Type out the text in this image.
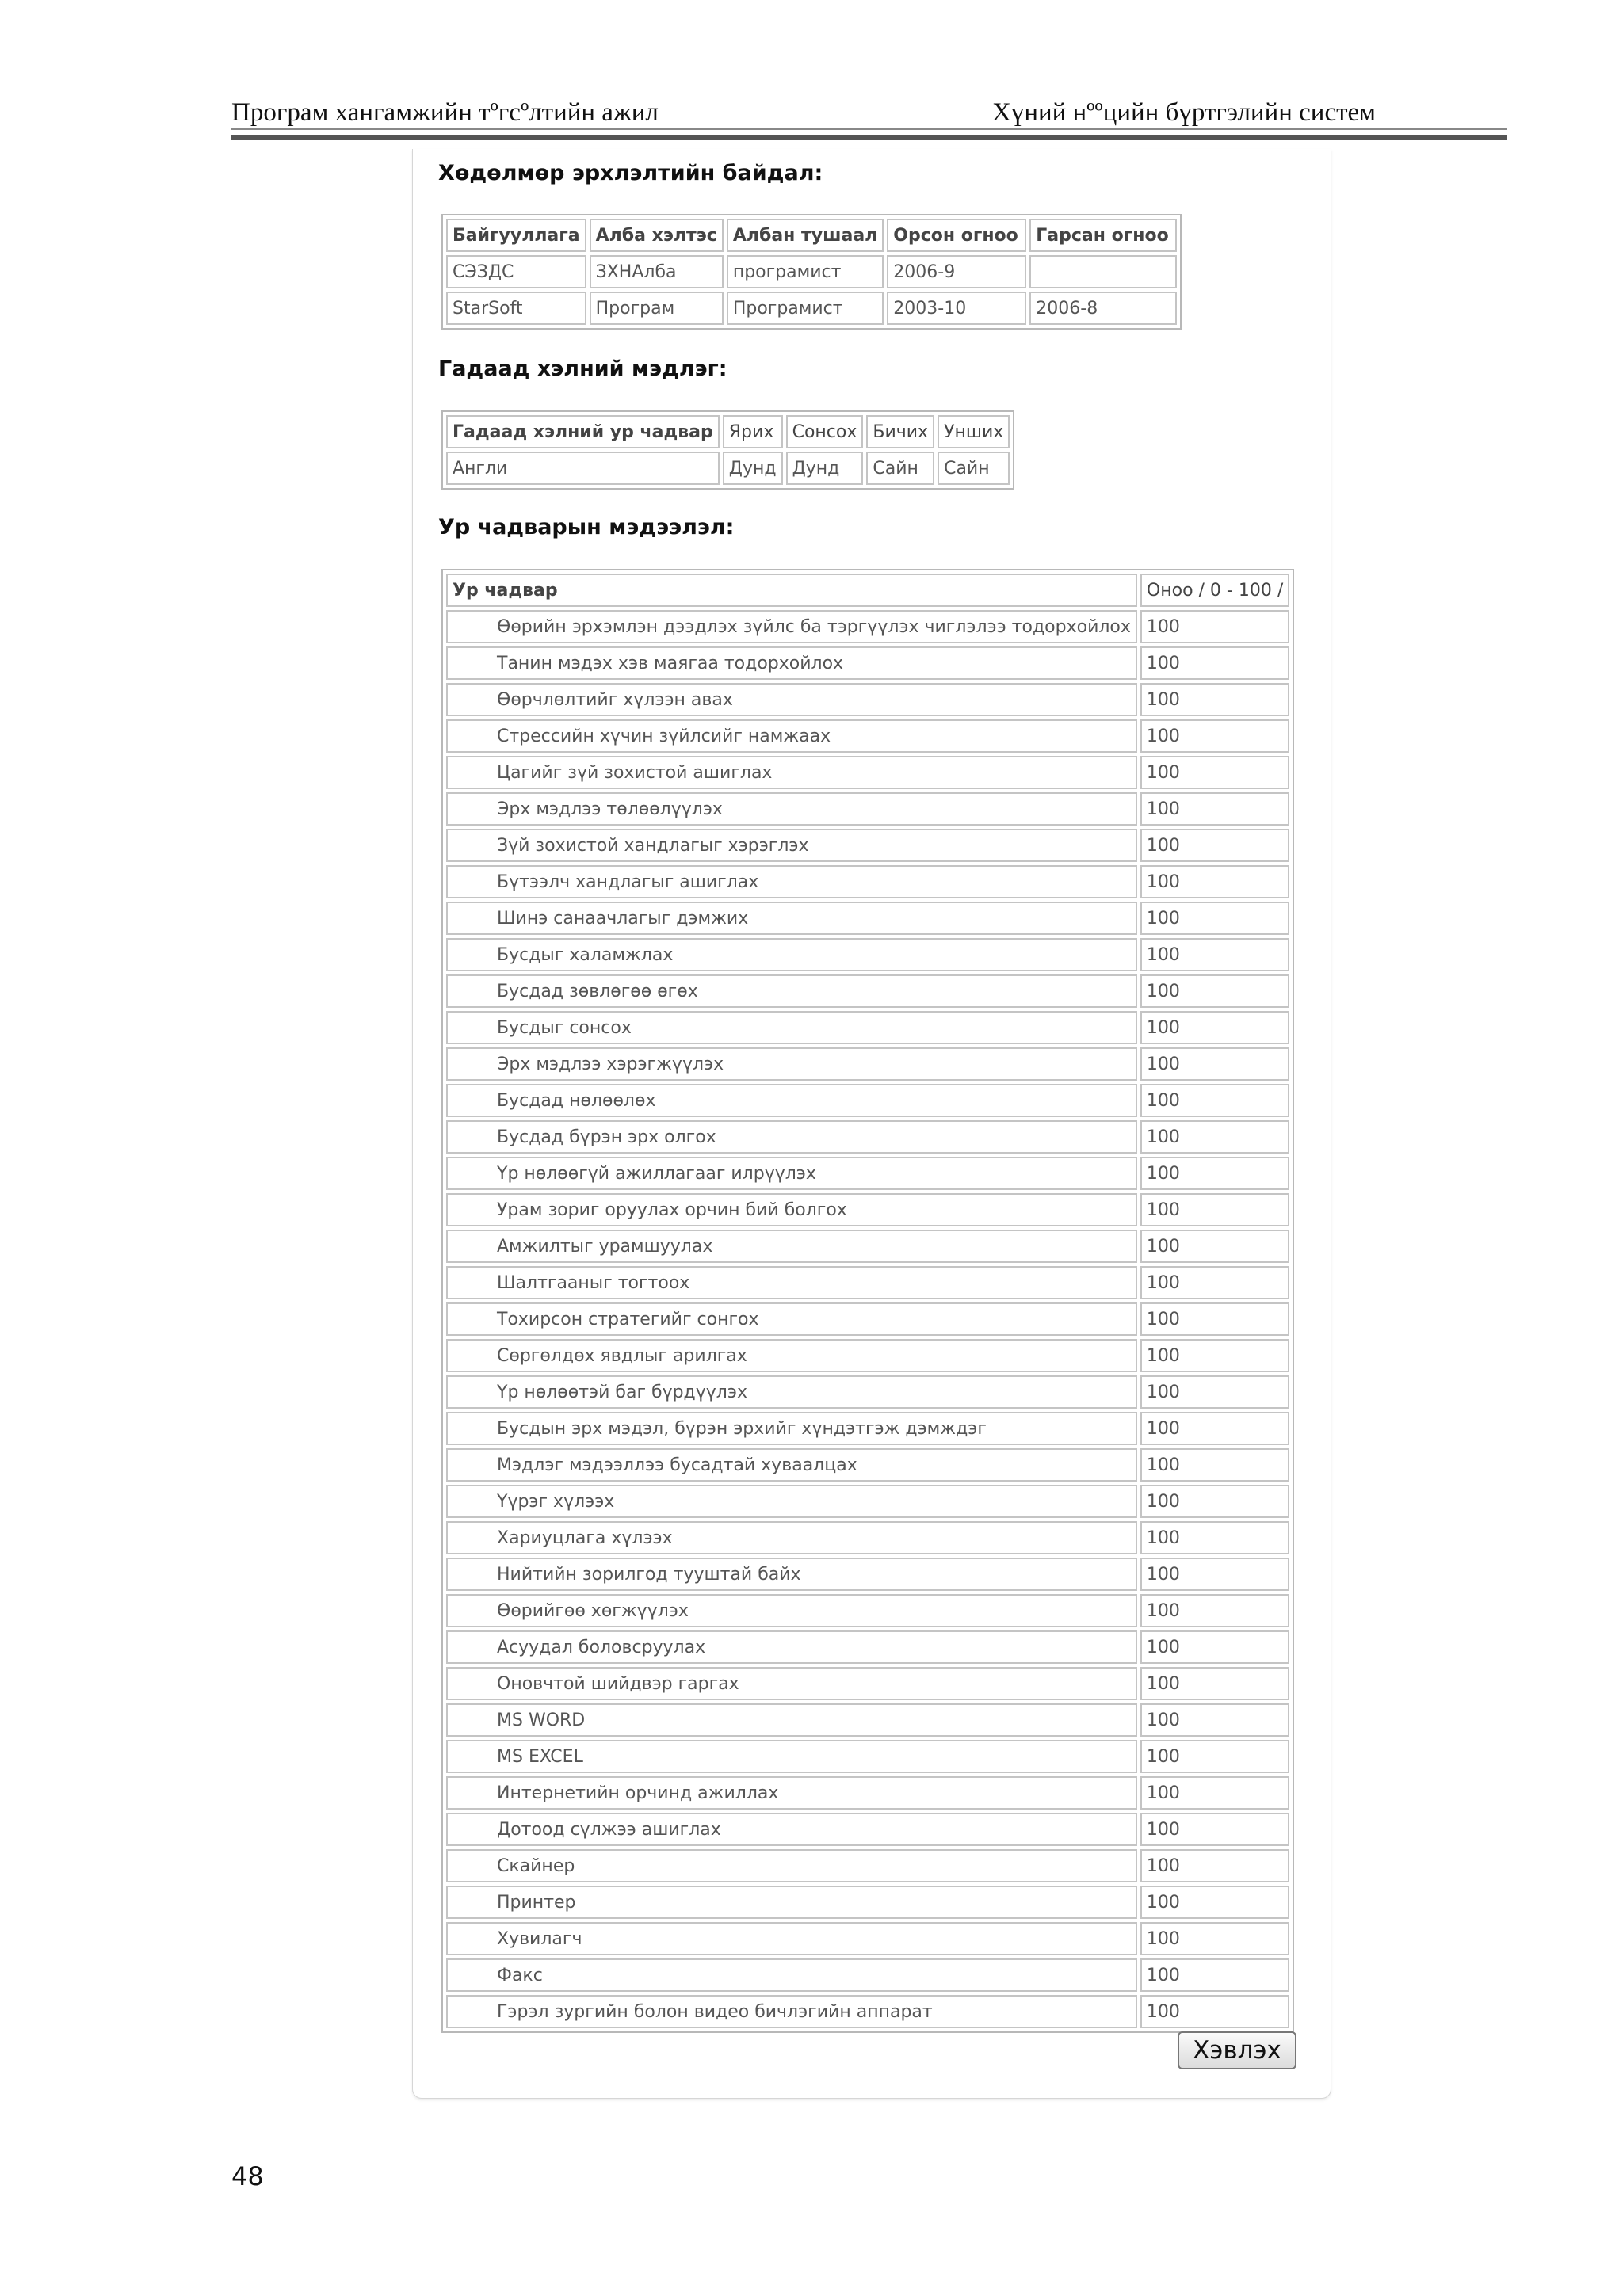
Програм хангамжийн тºгсºлтийн ажил	Хүний нººцийн бүртгэлийн систем
Хөдөлмөр эрхлэлтийн байдал:
Байгууллага	Алба хэлтэс	Албан тушаал	Орсон огноо	Гарсан огноо
СЭЗДС	ЗХНАлба	програмист	2006-9	
StarSoft	Програм	Програмист	2003-10	2006-8
Гадаад хэлний мэдлэг:
Гадаад хэлний ур чадвар	Ярих	Сонсох	Бичих	Унших
Англи	Дунд	Дунд	Сайн	Сайн
Ур чадварын мэдээлэл:
Ур чадвар	Оноо / 0 - 100 /
Өөрийн эрхэмлэн дээдлэх зүйлс ба тэргүүлэх чиглэлээ тодорхойлох	100
Танин мэдэх хэв маягаа тодорхойлох	100
Өөрчлөлтийг хүлээн авах	100
Стрессийн хүчин зүйлсийг намжаах	100
Цагийг зүй зохистой ашиглах	100
Эрх мэдлээ төлөөлүүлэх	100
Зүй зохистой хандлагыг хэрэглэх	100
Бүтээлч хандлагыг ашиглах	100
Шинэ санаачлагыг дэмжих	100
Бусдыг халамжлах	100
Бусдад зөвлөгөө өгөх	100
Бусдыг сонсох	100
Эрх мэдлээ хэрэгжүүлэх	100
Бусдад нөлөөлөх	100
Бусдад бүрэн эрх олгох	100
Үр нөлөөгүй ажиллагааг илрүүлэх	100
Урам зориг оруулах орчин бий болгох	100
Амжилтыг урамшуулах	100
Шалтгааныг тогтоох	100
Тохирсон стратегийг сонгох	100
Сөргөлдөх явдлыг арилгах	100
Үр нөлөөтэй баг бүрдүүлэх	100
Бусдын эрх мэдэл, бүрэн эрхийг хүндэтгэж дэмждэг	100
Мэдлэг мэдээллээ бусадтай хуваалцах	100
Үүрэг хүлээх	100
Хариуцлага хүлээх	100
Нийтийн зорилгод тууштай байх	100
Өөрийгөө хөгжүүлэх	100
Асуудал боловсруулах	100
Оновчтой шийдвэр гаргах	100
MS WORD	100
MS EXCEL	100
Интернетийн орчинд ажиллах	100
Дотоод сүлжээ ашиглах	100
Скайнер	100
Принтер	100
Хувилагч	100
Факс	100
Гэрэл зургийн болон видео бичлэгийн аппарат	100
Хэвлэх
48
